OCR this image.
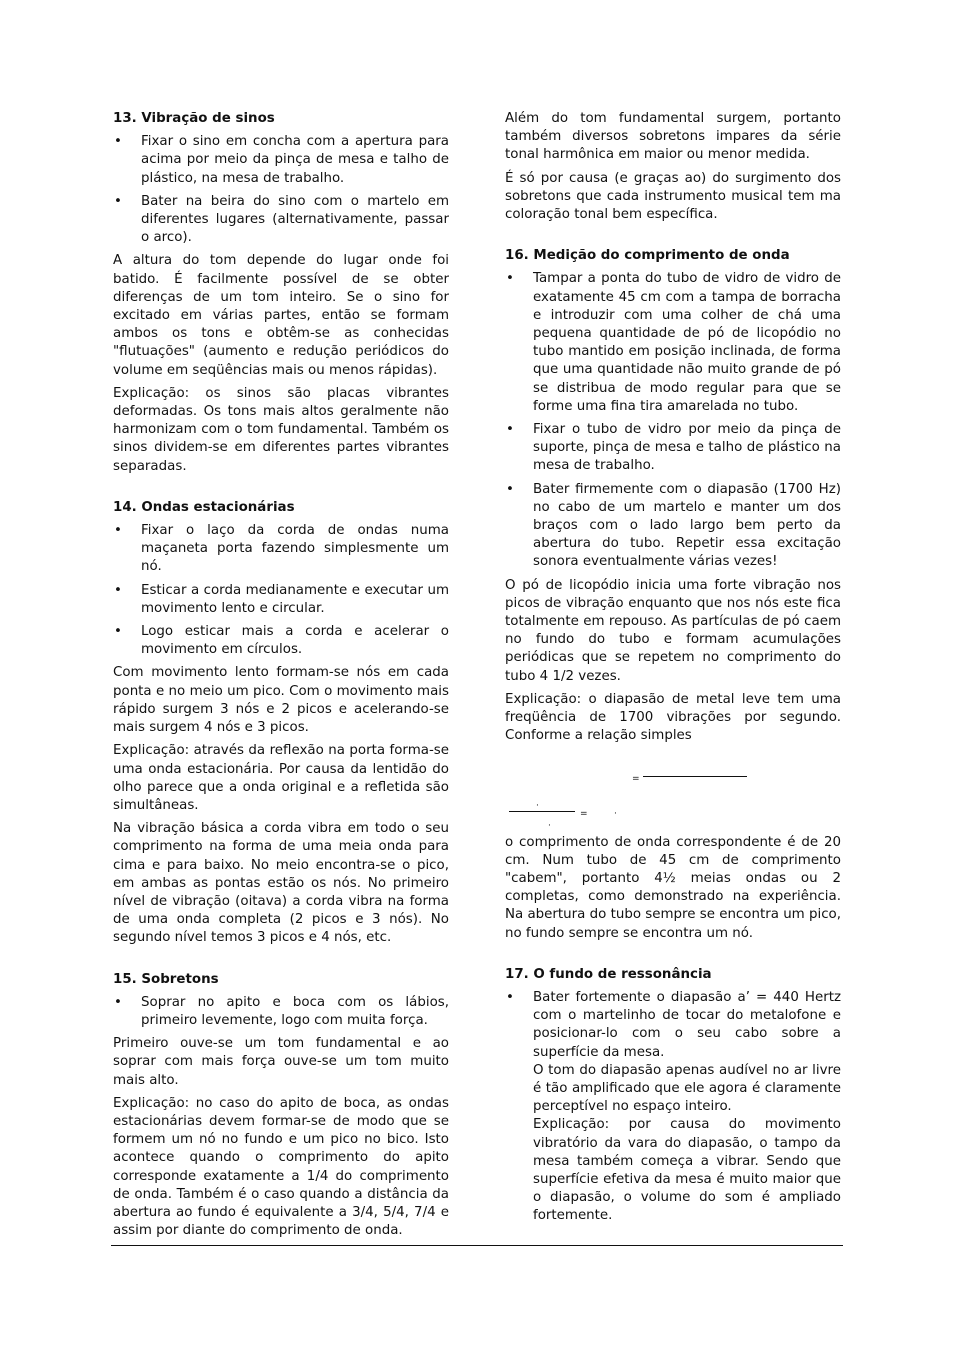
13. Vibração de sinos
• Fixar o sino em concha com a apertura para acima por meio da pinça de mesa e talho de plástico, na mesa de trabalho.
• Bater na beira do sino com o martelo em diferentes lugares (alternativamente, passar o arco).

A altura do tom depende do lugar onde foi batido. É facilmente possível de se obter diferenças de um tom inteiro. Se o sino for excitado em várias partes, então se formam ambos os tons e obtêm-se as conhecidas "flutuações" (aumento e redução periódicos do volume em seqüências mais ou menos rápidas).

Explicação: os sinos são placas vibrantes deformadas. Os tons mais altos geralmente não harmonizam com o tom fundamental. Também os sinos dividem-se em diferentes partes vibrantes separadas.

14. Ondas estacionárias
• Fixar o laço da corda de ondas numa maçaneta porta fazendo simplesmente um nó.
• Esticar a corda medianamente e executar um movimento lento e circular.
• Logo esticar mais a corda e acelerar o movimento em círculos.

Com movimento lento formam-se nós em cada ponta e no meio um pico. Com o movimento mais rápido surgem 3 nós e 2 picos e acelerando-se mais surgem 4 nós e 3 picos.

Explicação: através da reflexão na porta forma-se uma onda estacionária. Por causa da lentidão do olho parece que a onda original e a refletida são simultâneas.

Na vibração básica a corda vibra em todo o seu comprimento na forma de uma meia onda para cima e para baixo. No meio encontra-se o pico, em ambas as pontas estão os nós. No primeiro nível de vibração (oitava) a corda vibra na forma de uma onda completa (2 picos e 3 nós). No segundo nível temos 3 picos e 4 nós, etc.

15. Sobretons
• Soprar no apito e boca com os lábios, primeiro levemente, logo com muita força.

Primeiro ouve-se um tom fundamental e ao soprar com mais força ouve-se um tom muito mais alto.

Explicação: no caso do apito de boca, as ondas estacionárias devem formar-se de modo que se formem um nó no fundo e um pico no bico. Isto acontece quando o comprimento do apito corresponde exatamente a 1/4 do comprimento de onda. Também é o caso quando a distância da abertura ao fundo é equivalente a 3/4, 5/4, 7/4 e assim por diante do comprimento de onda.

Além do tom fundamental surgem, portanto também diversos sobretons impares da série tonal harmônica em maior ou menor medida.

É só por causa (e graças ao) do surgimento dos sobretons que cada instrumento musical tem ma coloração tonal bem específica.

16. Medição do comprimento de onda
• Tampar a ponta do tubo de vidro de vidro de exatamente 45 cm com a tampa de borracha e introduzir com uma colher de chá uma pequena quantidade de pó de licopódio no tubo mantido em posição inclinada, de forma que uma quantidade não muito grande de pó se distribua de modo regular para que se forme uma fina tira amarelada no tubo.
• Fixar o tubo de vidro por meio da pinça de suporte, pinça de mesa e talho de plástico na mesa de trabalho.
• Bater firmemente com o diapasão (1700 Hz) no cabo de um martelo e manter um dos braços com o lado largo bem perto da abertura do tubo. Repetir essa excitação sonora eventualmente várias vezes!

O pó de licopódio inicia uma forte vibração nos picos de vibração enquanto que nos nós este fica totalmente em repouso. As partículas de pó caem no fundo do tubo e formam acumulações periódicas que se repetem no comprimento do tubo 4 1/2 vezes.

Explicação: o diapasão de metal leve tem uma freqüência de 1700 vibrações por segundo. Conforme a relação simples

=
·
·
=	·

o comprimento de onda correspondente é de 20 cm. Num tubo de 45 cm de comprimento "cabem", portanto 4½ meias ondas ou 2 completas, como demonstrado na experiência. Na abertura do tubo sempre se encontra um pico, no fundo sempre se encontra um nó.

17. O fundo de ressonância
• Bater fortemente o diapasão a’ = 440 Hertz com o martelinho de tocar do metalofone e posicionar-lo com o seu cabo sobre a superfície da mesa.
O tom do diapasão apenas audível no ar livre é tão amplificado que ele agora é claramente perceptível no espaço inteiro.
Explicação: por causa do movimento vibratório da vara do diapasão, o tampo da mesa também começa a vibrar. Sendo que superfície efetiva da mesa é muito maior que o diapasão, o volume do som é ampliado fortemente.
